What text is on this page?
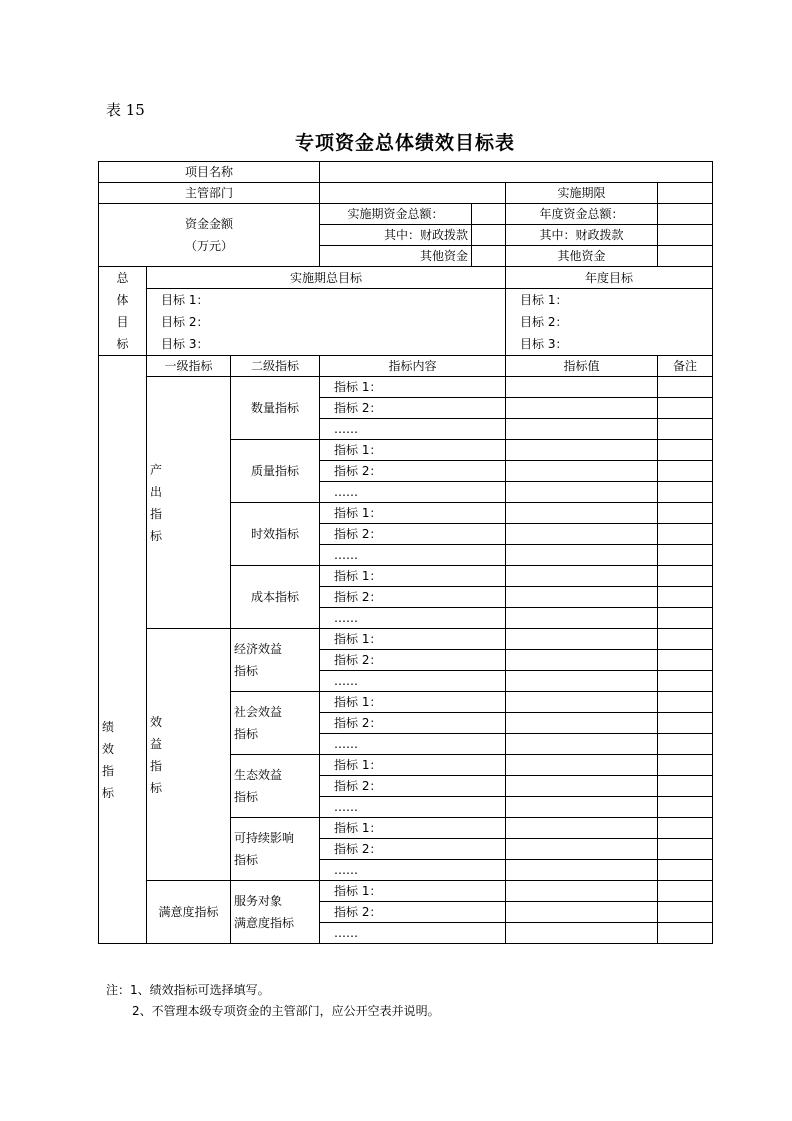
表 15
专项资金总体绩效目标表
项目名称						
主管部门					实施期限	

资金金额
（万元）			实施期资金总额：		年度资金总额：	
			其中：财政拨款		其中：财政拨款	
			其他资金		其他资金	

总
体
目
标	实施期总目标				年度目标	
	目标 1：				目标 1：	
	目标 2：				目标 2：	
	目标 3：				目标 3：	

绩
效
指
标	一级指标	二级指标	指标内容		指标值	备注

	产
出
指
标	数量指标	指标 1：			
			指标 2：			
			……			
		质量指标	指标 1：			
			指标 2：			
			……			
		时效指标	指标 1：			
			指标 2：			
			……			
		成本指标	指标 1：			
			指标 2：			
			……			

	效
益
指
标	经济效益
指标	指标 1：			
			指标 2：			
			……			

		社会效益
指标	指标 1：			
			指标 2：			
			……			

		生态效益
指标	指标 1：			
			指标 2：			
			……			

		可持续影响
指标	指标 1：			
			指标 2：			
			……			
	满意度指标	服务对象
满意度指标	指标 1：			
			指标 2：			
			……			
注：1、绩效指标可选择填写。
2、不管理本级专项资金的主管部门，应公开空表并说明。
